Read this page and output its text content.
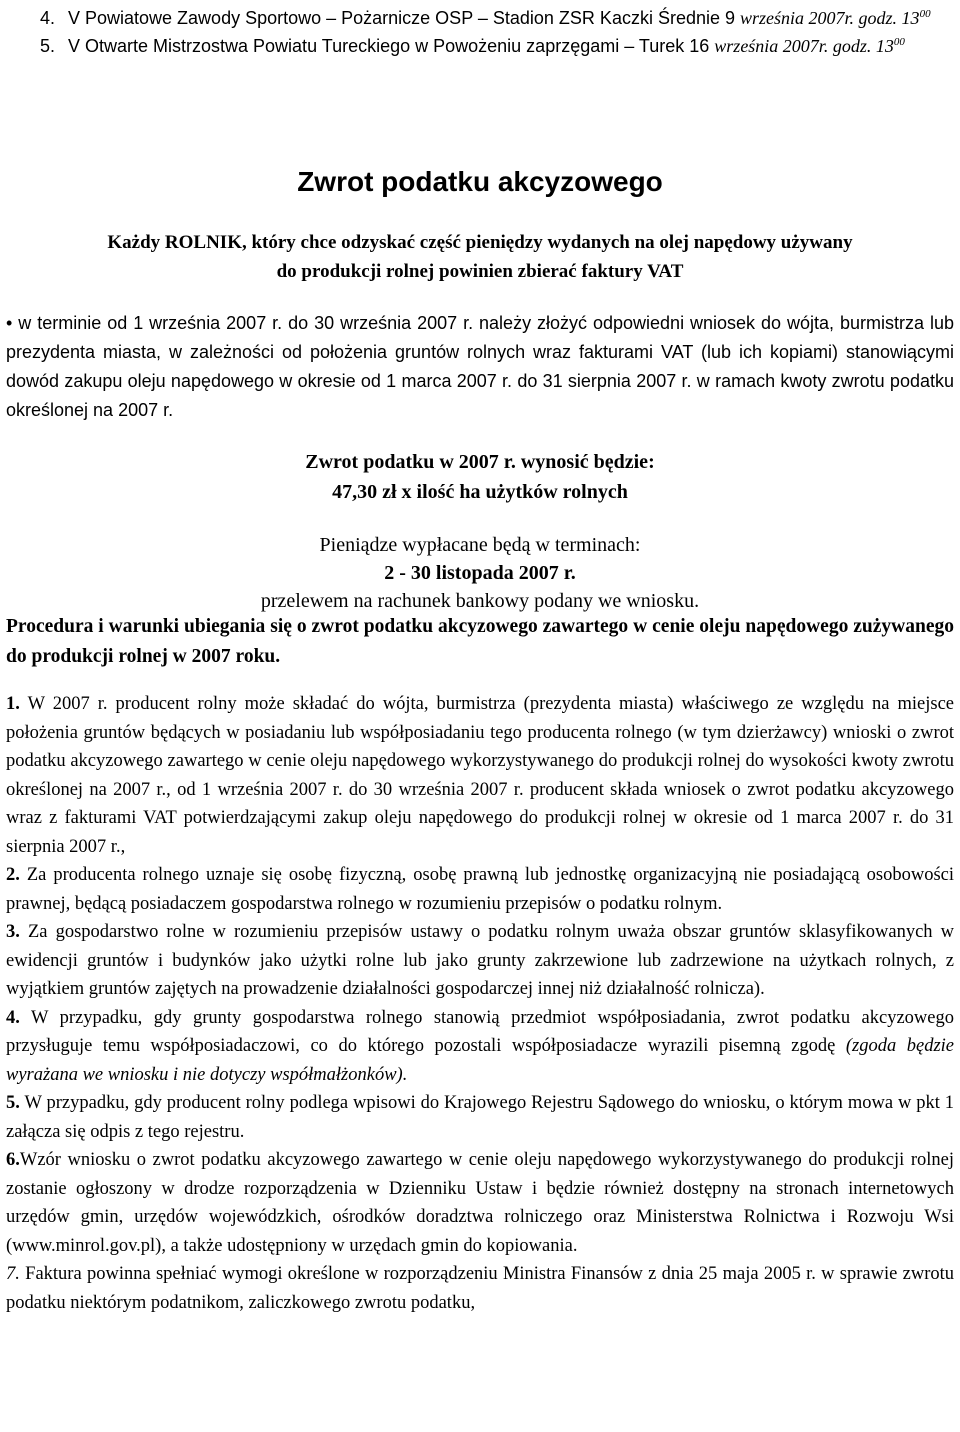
4. V Powiatowe Zawody Sportowo – Pożarnicze OSP – Stadion ZSR Kaczki Średnie 9 września 2007r. godz. $13^{00}$
5. V Otwarte Mistrzostwa Powiatu Tureckiego w Powożeniu zaprzęgami – Turek 16 września 2007r. godz. $13^{00}$
Zwrot podatku akcyzowego
Każdy ROLNIK, który chce odzyskać część pieniędzy wydanych na olej napędowy używany
do produkcji rolnej powinien zbierać faktury VAT

• w terminie od 1 września 2007 r. do 30 września 2007 r. należy złożyć odpowiedni wniosek do wójta, burmistrza lub prezydenta miasta, w zależności od położenia gruntów rolnych wraz fakturami VAT (lub ich kopiami) stanowiącymi dowód zakupu oleju napędowego w okresie od 1 marca 2007 r. do 31 sierpnia 2007 r. w ramach kwoty zwrotu podatku określonej na 2007 r.

Zwrot podatku w 2007 r. wynosić będzie:
47,30 zł x ilość ha użytków rolnych
Pieniądze wypłacane będą w terminach:
2 - 30 listopada 2007 r.
przelewem na rachunek bankowy podany we wniosku.

Procedura i warunki ubiegania się o zwrot podatku akcyzowego zawartego w cenie oleju napędowego zużywanego do produkcji rolnej w 2007 roku.

1. W 2007 r. producent rolny może składać do wójta, burmistrza (prezydenta miasta) właściwego ze względu na miejsce położenia gruntów będących w posiadaniu lub współposiadaniu tego producenta rolnego (w tym dzierżawcy) wnioski o zwrot podatku akcyzowego zawartego w cenie oleju napędowego wykorzystywanego do produkcji rolnej do wysokości kwoty zwrotu określonej na 2007 r., od 1 września 2007 r. do 30 września 2007 r. producent składa wniosek o zwrot podatku akcyzowego wraz z fakturami VAT potwierdzającymi zakup oleju napędowego do produkcji rolnej w okresie od 1 marca 2007 r. do 31 sierpnia 2007 r.,

2. Za producenta rolnego uznaje się osobę fizyczną, osobę prawną lub jednostkę organizacyjną nie posiadającą osobowości prawnej, będącą posiadaczem gospodarstwa rolnego w rozumieniu przepisów o podatku rolnym.

3. Za gospodarstwo rolne w rozumieniu przepisów ustawy o podatku rolnym uważa obszar gruntów sklasyfikowanych w ewidencji gruntów i budynków jako użytki rolne lub jako grunty zakrzewione lub zadrzewione na użytkach rolnych, z wyjątkiem gruntów zajętych na prowadzenie działalności gospodarczej innej niż działalność rolnicza).

4. W przypadku, gdy grunty gospodarstwa rolnego stanowią przedmiot współposiadania, zwrot podatku akcyzowego przysługuje temu współposiadaczowi, co do którego pozostali współposiadacze wyrazili pisemną zgodę (zgoda będzie wyrażana we wniosku i nie dotyczy współmałżonków).

5. W przypadku, gdy producent rolny podlega wpisowi do Krajowego Rejestru Sądowego do wniosku, o którym mowa w pkt 1 załącza się odpis z tego rejestru.

6.Wzór wniosku o zwrot podatku akcyzowego zawartego w cenie oleju napędowego wykorzystywanego do produkcji rolnej zostanie ogłoszony w drodze rozporządzenia w Dzienniku Ustaw i będzie również dostępny na stronach internetowych urzędów gmin, urzędów wojewódzkich, ośrodków doradztwa rolniczego oraz Ministerstwa Rolnictwa i Rozwoju Wsi (www.minrol.gov.pl), a także udostępniony w urzędach gmin do kopiowania.

7. Faktura powinna spełniać wymogi określone w rozporządzeniu Ministra Finansów z dnia 25 maja 2005 r. w sprawie zwrotu podatku niektórym podatnikom, zaliczkowego zwrotu podatku,
